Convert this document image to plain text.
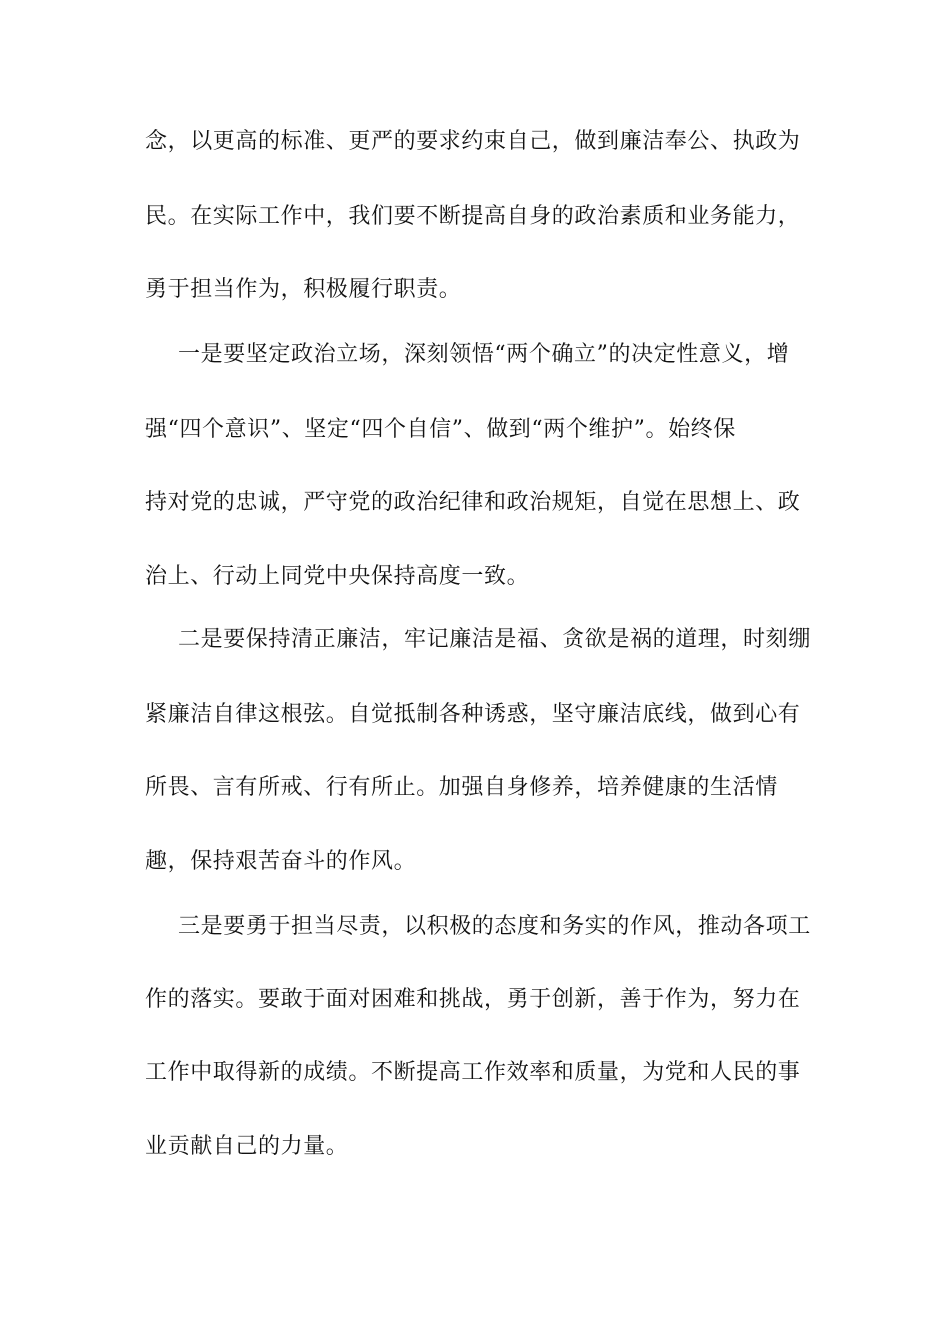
念，以更高的标准、更严的要求约束自己，做到廉洁奉公、执政为
民。在实际工作中，我们要不断提高自身的政治素质和业务能力，
勇于担当作为，积极履行职责。
一是要坚定政治立场，深刻领悟“两个确立”的决定性意义，增
强“四个意识”、坚定“四个自信”、做到“两个维护”。始终保
持对党的忠诚，严守党的政治纪律和政治规矩，自觉在思想上、政
治上、行动上同党中央保持高度一致。
二是要保持清正廉洁，牢记廉洁是福、贪欲是祸的道理，时刻绷
紧廉洁自律这根弦。自觉抵制各种诱惑，坚守廉洁底线，做到心有
所畏、言有所戒、行有所止。加强自身修养，培养健康的生活情
趣，保持艰苦奋斗的作风。
三是要勇于担当尽责，以积极的态度和务实的作风，推动各项工
作的落实。要敢于面对困难和挑战，勇于创新，善于作为，努力在
工作中取得新的成绩。不断提高工作效率和质量，为党和人民的事
业贡献自己的力量。
